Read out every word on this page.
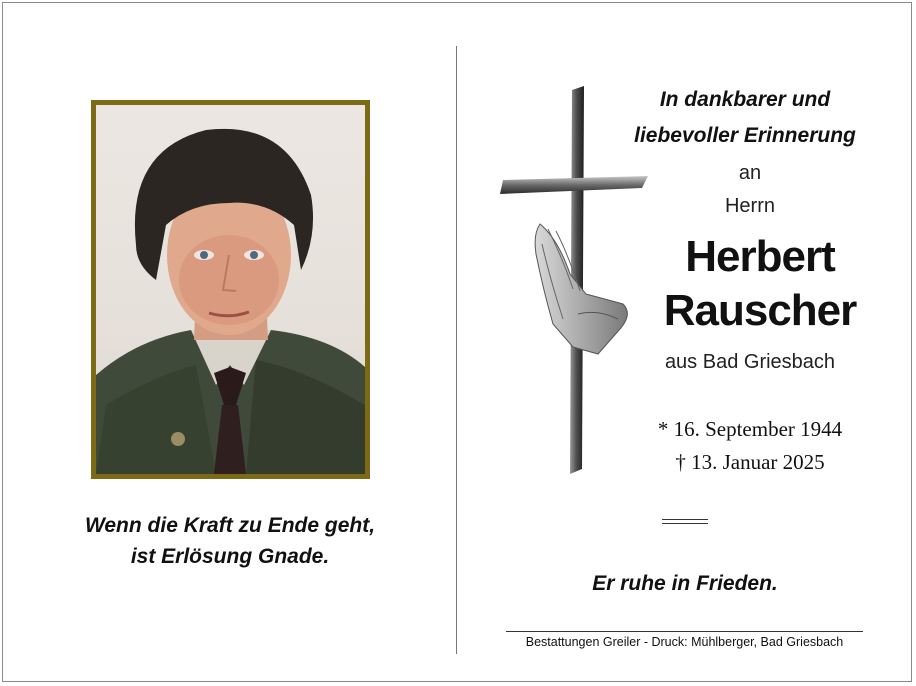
Wenn die Kraft zu Ende geht,
ist Erlösung Gnade.
In dankbarer und
liebevoller Erinnerung
an
Herrn
Herbert
Rauscher
aus Bad Griesbach
* 16. September 1944
† 13. Januar 2025
Er ruhe in Frieden.
Bestattungen Greiler - Druck: Mühlberger, Bad Griesbach
